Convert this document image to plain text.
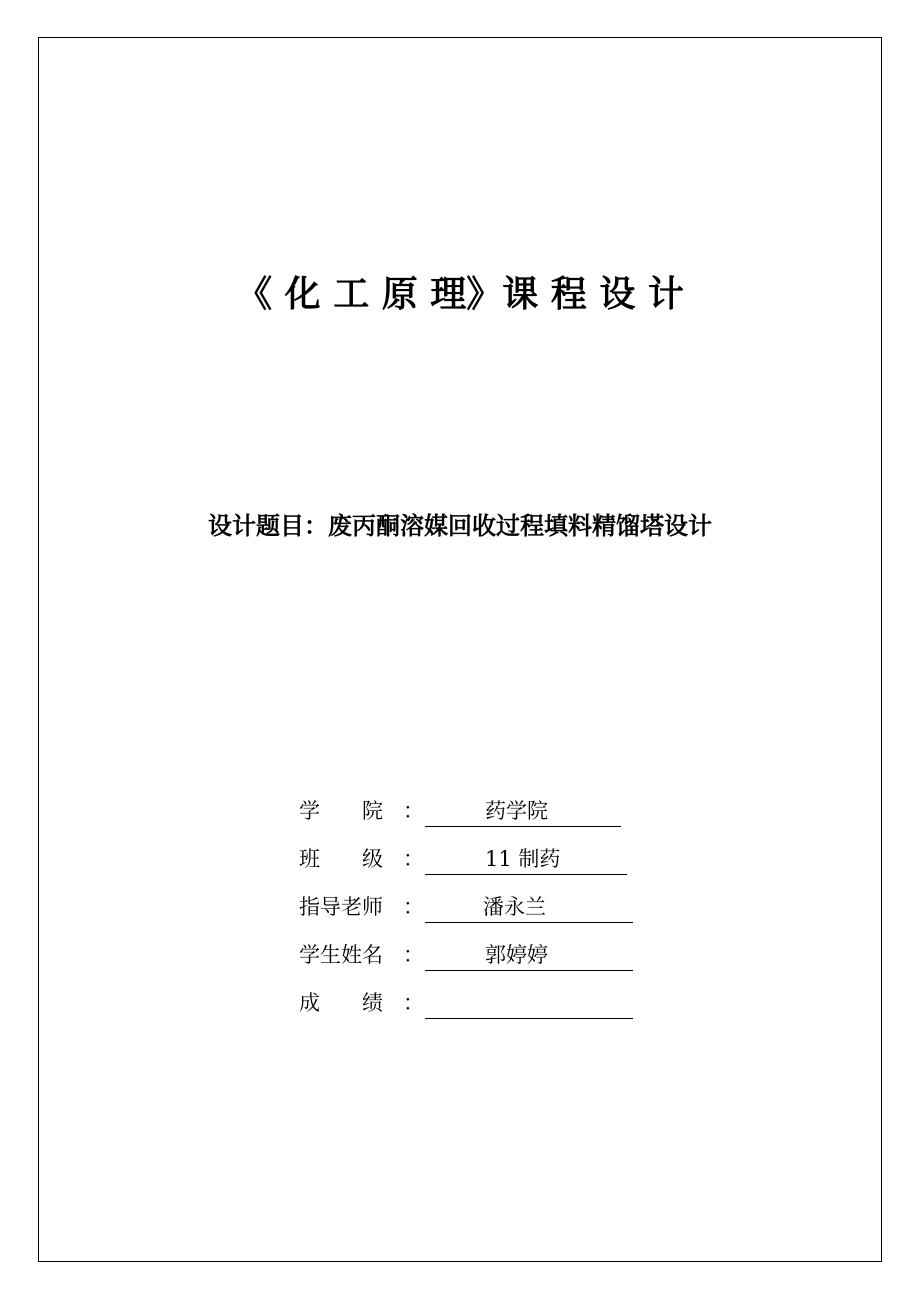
《 化 工 原 理》课 程 设 计
设计题目：废丙酮溶媒回收过程填料精馏塔设计
学　　院 ：	药学院
班　　级 ：	11 制药
指导老师 ：	潘永兰
学生姓名 ：	郭婷婷
成　　绩 ：
